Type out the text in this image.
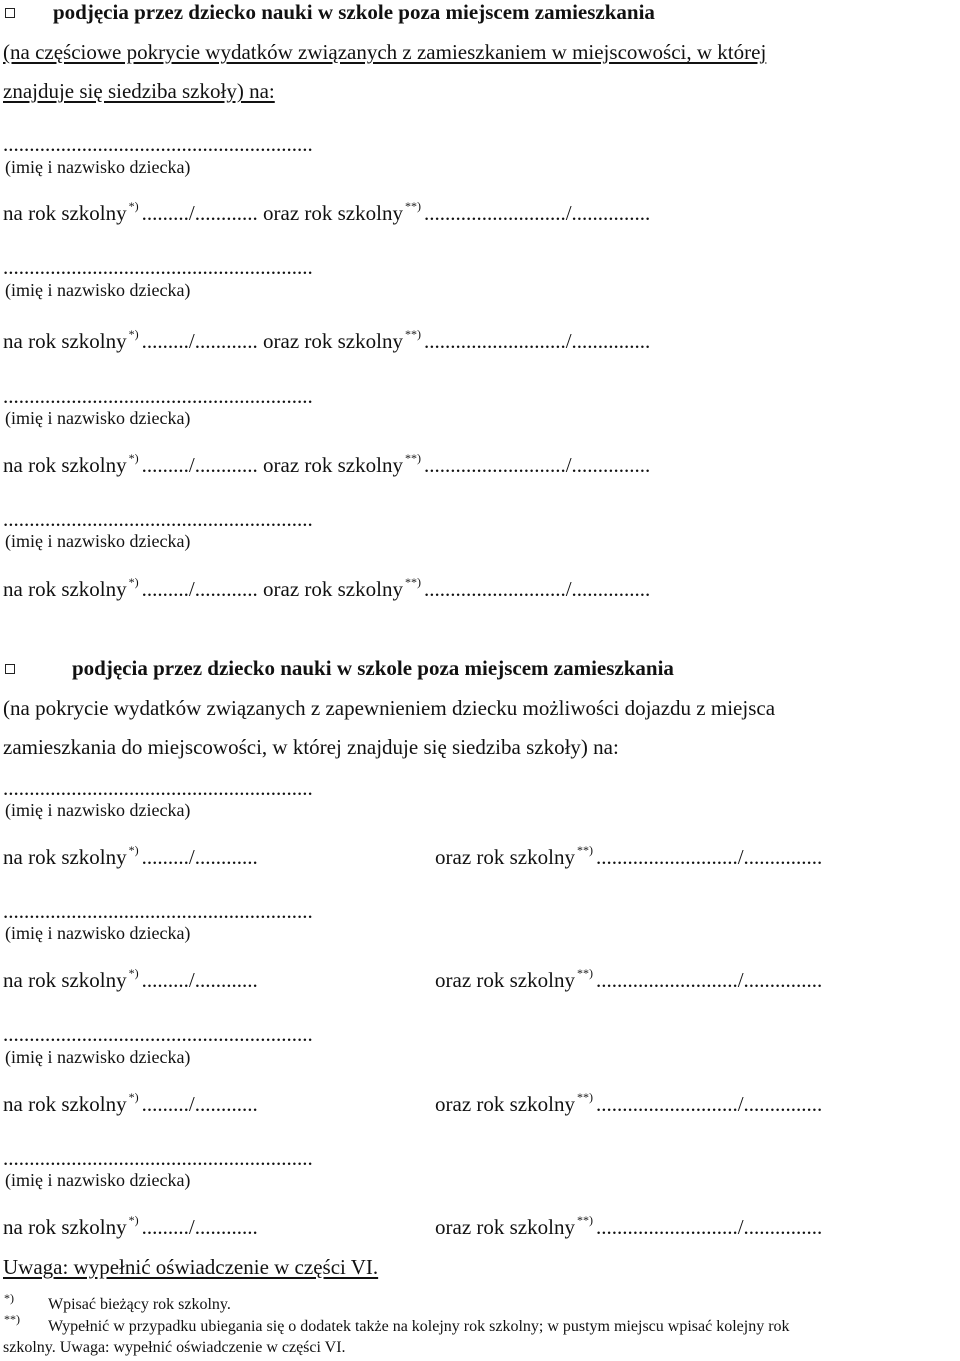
podjęcia przez dziecko nauki w szkole poza miejscem zamieszkania
(na częściowe pokrycie wydatków związanych z zamieszkaniem w miejscowości, w której
znajduje się siedziba szkoły) na:
...........................................................
(imię i nazwisko dziecka)
na rok szkolny *) ........./............ oraz rok szkolny **) .........................../...............
...........................................................
(imię i nazwisko dziecka)
na rok szkolny *) ........./............ oraz rok szkolny **) .........................../...............
...........................................................
(imię i nazwisko dziecka)
na rok szkolny *) ........./............ oraz rok szkolny **) .........................../...............
...........................................................
(imię i nazwisko dziecka)
na rok szkolny *) ........./............ oraz rok szkolny **) .........................../...............
podjęcia przez dziecko nauki w szkole poza miejscem zamieszkania
(na pokrycie wydatków związanych z zapewnieniem dziecku możliwości dojazdu z miejsca
zamieszkania do miejscowości, w której znajduje się siedziba szkoły) na:
...........................................................
(imię i nazwisko dziecka)
na rok szkolny *) ........./............	oraz rok szkolny **) .........................../...............
...........................................................
(imię i nazwisko dziecka)
na rok szkolny *) ........./............	oraz rok szkolny **) .........................../...............
...........................................................
(imię i nazwisko dziecka)
na rok szkolny *) ........./............	oraz rok szkolny **) .........................../...............
...........................................................
(imię i nazwisko dziecka)
na rok szkolny *) ........./............	oraz rok szkolny **) .........................../...............
Uwaga: wypełnić oświadczenie w części VI.
*) Wpisać bieżący rok szkolny.
**) Wypełnić w przypadku ubiegania się o dodatek także na kolejny rok szkolny; w pustym miejscu wpisać kolejny rok
szkolny. Uwaga: wypełnić oświadczenie w części VI.
